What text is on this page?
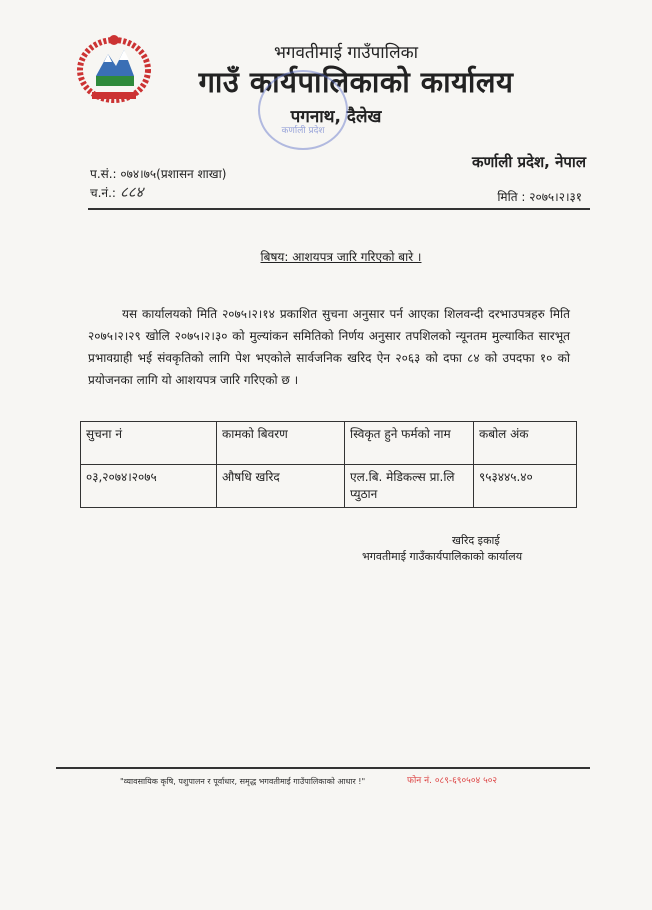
भगवतीमाई गाउँपालिका
गाउँ कार्यपालिकाको कार्यालय
पगनाथ, दैलेख
कर्णाली प्रदेश
कर्णाली प्रदेश, नेपाल
प.सं.: ०७४।७५(प्रशासन शाखा)
च.नं.: ८८४	मिति : २०७५।२।३१
बिषय: आशयपत्र जारि गरिएको बारे ।
यस कार्यालयको मिति २०७५।२।१४ प्रकाशित सुचना अनुसार पर्न आएका शिलवन्दी दरभाउपत्रहरु मिति २०७५।२।२९ खोलि २०७५।२।३० को मुल्यांकन समितिको निर्णय अनुसार तपशिलको न्यूनतम मुल्याकित सारभूत प्रभावग्राही भई संवकृतिको लागि पेश भएकोले सार्वजनिक खरिद ऐन २०६३ को दफा ८४ को उपदफा १० को प्रयोजनका लागि यो आशयपत्र जारि गरिएको छ ।
सुचना नं	कामको बिवरण	स्विकृत हुने फर्मको नाम	कबोल अंक
०३,२०७४।२०७५	औषधि खरिद	एल.बि. मेडिकल्स प्रा.लि प्युठान	९५३४४५.४०
खरिद इकाई
भगवतीमाई गाउँकार्यपालिकाको कार्यालय
"व्यावसायिक कृषि, पशुपालन र पूर्वाधार, समृद्ध भगवतीमाई गाउँपालिकाको आधार !"	फोन नं. ०८९-६९०५०४ ५०२
